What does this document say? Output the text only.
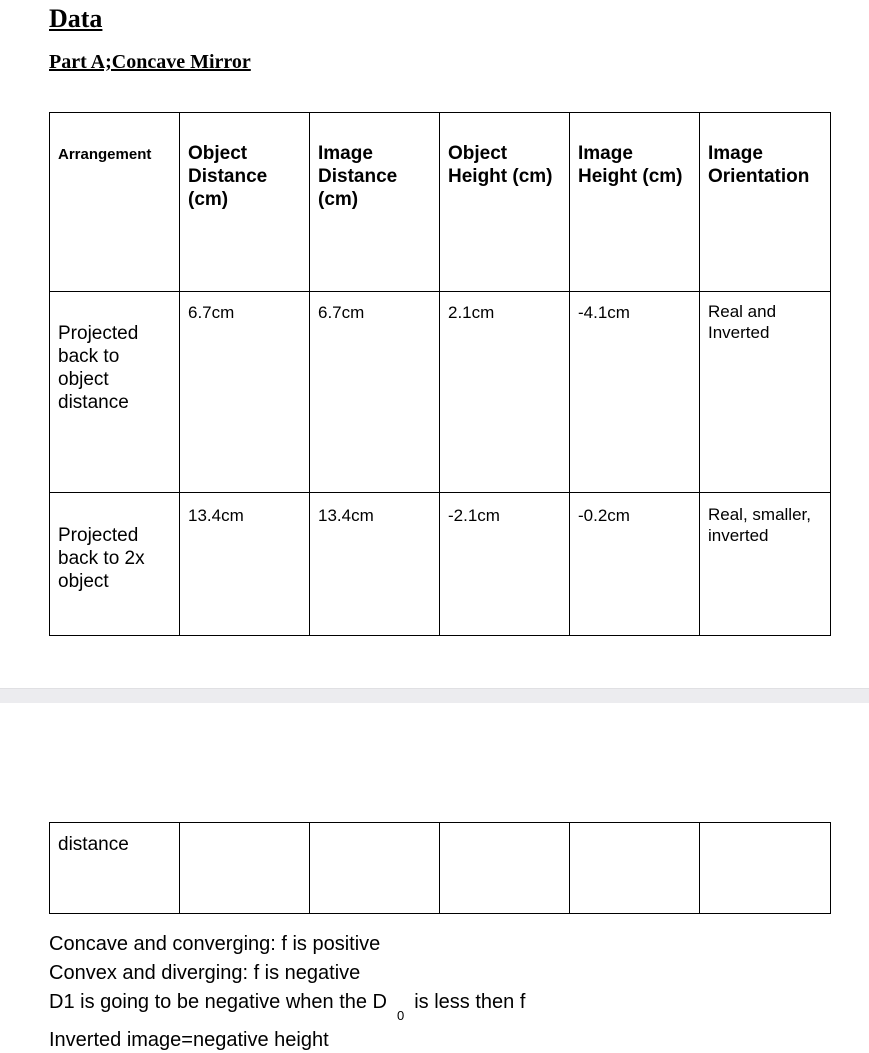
Data
Part A;Concave Mirror
Arrangement	Object Distance (cm)	Image Distance (cm)	Object Height (cm)	Image Height (cm)	Image Orientation
Projected back to object distance	6.7cm	6.7cm	2.1cm	-4.1cm	Real and Inverted
Projected back to 2x object	13.4cm	13.4cm	-2.1cm	-0.2cm	Real, smaller, inverted
distance					
Concave and converging: f is positive
Convex and diverging: f is negative
D1 is going to be negative when the $D_0is$ less then f
Inverted image=negative height
